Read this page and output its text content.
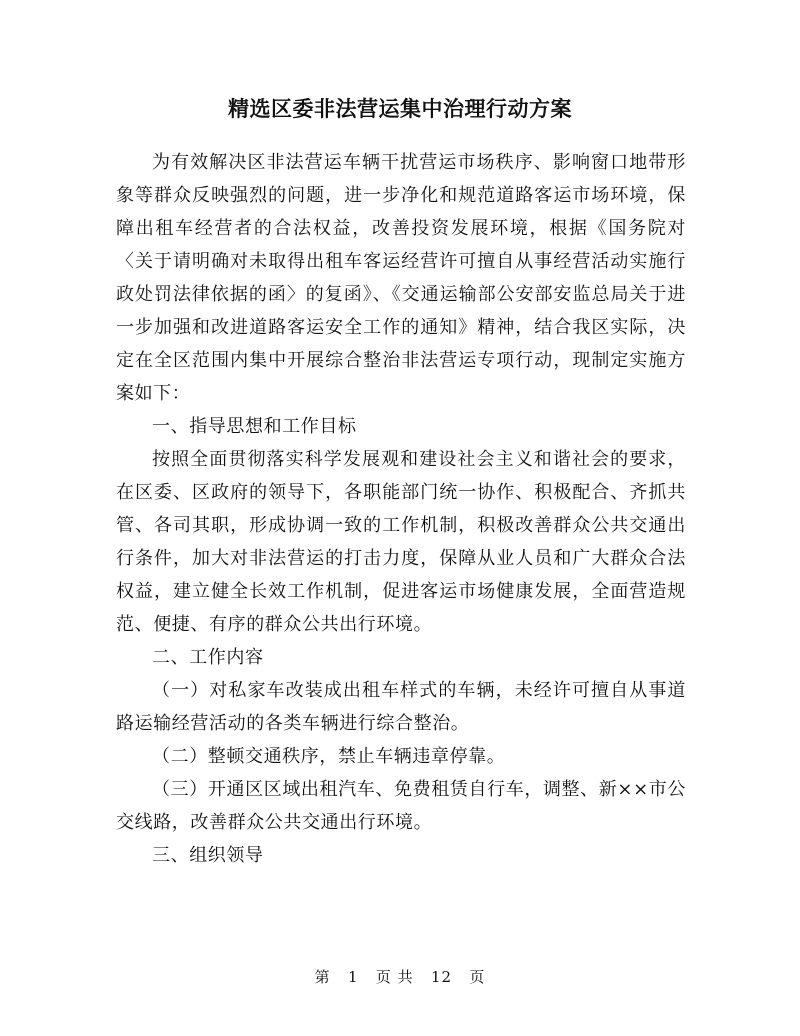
精选区委非法营运集中治理行动方案

为有效解决区非法营运车辆干扰营运市场秩序、影响窗口地带形象等群众反映强烈的问题，进一步净化和规范道路客运市场环境，保障出租车经营者的合法权益，改善投资发展环境，根据《国务院对〈关于请明确对未取得出租车客运经营许可擅自从事经营活动实施行政处罚法律依据的函〉的复函》、《交通运输部公安部安监总局关于进一步加强和改进道路客运安全工作的通知》精神，结合我区实际，决定在全区范围内集中开展综合整治非法营运专项行动，现制定实施方案如下：

一、指导思想和工作目标

按照全面贯彻落实科学发展观和建设社会主义和谐社会的要求，在区委、区政府的领导下，各职能部门统一协作、积极配合、齐抓共管、各司其职，形成协调一致的工作机制，积极改善群众公共交通出行条件，加大对非法营运的打击力度，保障从业人员和广大群众合法权益，建立健全长效工作机制，促进客运市场健康发展，全面营造规范、便捷、有序的群众公共出行环境。

二、工作内容

（一）对私家车改装成出租车样式的车辆，未经许可擅自从事道路运输经营活动的各类车辆进行综合整治。

（二）整顿交通秩序，禁止车辆违章停靠。

（三）开通区区域出租汽车、免费租赁自行车，调整、新××市公交线路，改善群众公共交通出行环境。

三、组织领导

第 1 页 共 12 页
